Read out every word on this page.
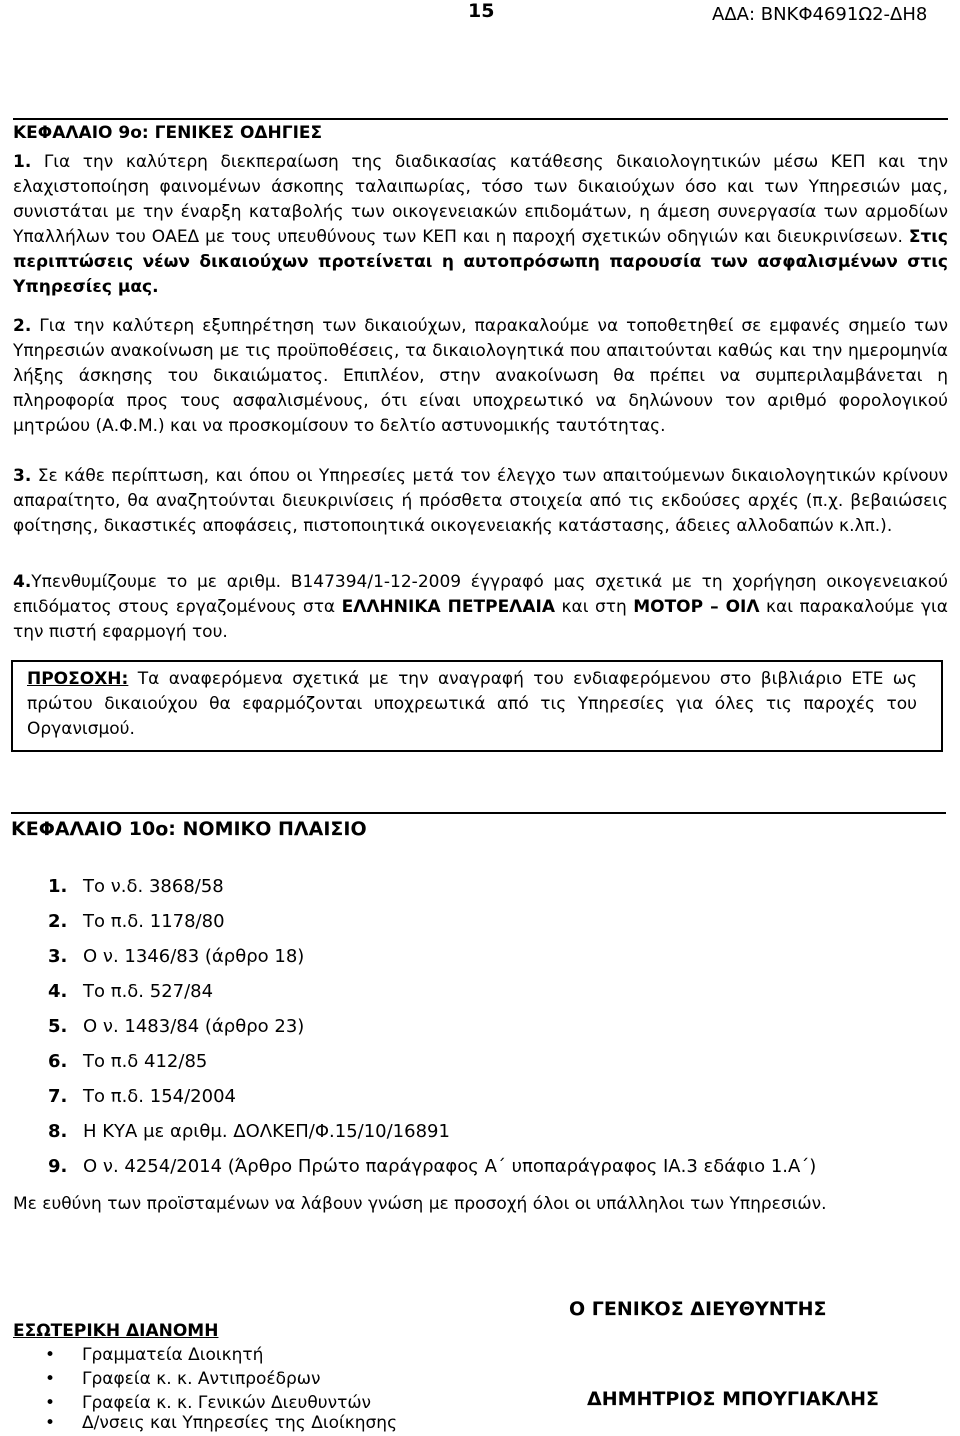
15	ΑΔΑ: ΒΝΚΦ4691Ω2-ΔΗ8
ΚΕΦΑΛΑΙΟ 9ο: ΓΕΝΙΚΕΣ ΟΔΗΓΙΕΣ
1. Για την καλύτερη διεκπεραίωση της διαδικασίας κατάθεσης δικαιολογητικών μέσω ΚΕΠ και την ελαχιστοποίηση φαινομένων άσκοπης ταλαιπωρίας, τόσο των δικαιούχων όσο και των Υπηρεσιών μας, συνιστάται με την έναρξη καταβολής των οικογενειακών επιδομάτων, η άμεση συνεργασία των αρμοδίων Υπαλλήλων του ΟΑΕΔ με τους υπευθύνους των ΚΕΠ και η παροχή σχετικών οδηγιών και διευκρινίσεων. Στις περιπτώσεις νέων δικαιούχων προτείνεται η αυτοπρόσωπη παρουσία των ασφαλισμένων στις Υπηρεσίες μας.
2. Για την καλύτερη εξυπηρέτηση των δικαιούχων, παρακαλούμε να τοποθετηθεί σε εμφανές σημείο των Υπηρεσιών ανακοίνωση με τις προϋποθέσεις, τα δικαιολογητικά που απαιτούνται καθώς και την ημερομηνία λήξης άσκησης του δικαιώματος. Επιπλέον, στην ανακοίνωση θα πρέπει να συμπεριλαμβάνεται η πληροφορία προς τους ασφαλισμένους, ότι είναι υποχρεωτικό να δηλώνουν τον αριθμό φορολογικού μητρώου (Α.Φ.Μ.) και να προσκομίσουν το δελτίο αστυνομικής ταυτότητας.
3. Σε κάθε περίπτωση, και όπου οι Υπηρεσίες μετά τον έλεγχο των απαιτούμενων δικαιολογητικών κρίνουν απαραίτητο, θα αναζητούνται διευκρινίσεις ή πρόσθετα στοιχεία από τις εκδούσες αρχές (π.χ. βεβαιώσεις φοίτησης, δικαστικές αποφάσεις, πιστοποιητικά οικογενειακής κατάστασης, άδειες αλλοδαπών κ.λπ.).
4.Υπενθυμίζουμε το με αριθμ. Β147394/1-12-2009 έγγραφό μας σχετικά με τη χορήγηση οικογενειακού επιδόματος στους εργαζομένους στα ΕΛΛΗΝΙΚΑ ΠΕΤΡΕΛΑΙΑ και στη ΜΟΤΟΡ – ΟΙΛ και παρακαλούμε για την πιστή εφαρμογή του.
ΠΡΟΣΟΧΗ: Τα αναφερόμενα σχετικά με την αναγραφή του ενδιαφερόμενου στο βιβλιάριο ΕΤΕ ως πρώτου δικαιούχου θα εφαρμόζονται υποχρεωτικά από τις Υπηρεσίες για όλες τις παροχές του Οργανισμού.
ΚΕΦΑΛΑΙΟ 10ο: ΝΟΜΙΚΟ ΠΛΑΙΣΙΟ
1. Το ν.δ. 3868/58
2. Το π.δ. 1178/80
3. Ο ν. 1346/83 (άρθρο 18)
4. Το π.δ. 527/84
5. Ο ν. 1483/84 (άρθρο 23)
6. Το π.δ 412/85
7. Το π.δ. 154/2004
8. Η ΚΥΑ με αριθμ. ΔΟΛΚΕΠ/Φ.15/10/16891
9. Ο ν. 4254/2014 (Άρθρο Πρώτο παράγραφος Α΄ υποπαράγραφος ΙΑ.3 εδάφιο 1.Α΄)
Με ευθύνη των προϊσταμένων να λάβουν γνώση με προσοχή όλοι οι υπάλληλοι των Υπηρεσιών.
Ο ΓΕΝΙΚΟΣ ΔΙΕΥΘΥΝΤΗΣ
ΕΣΩΤΕΡΙΚΗ ΔΙΑΝΟΜΗ
• Γραμματεία Διοικητή
• Γραφεία κ. κ. Αντιπροέδρων
• Γραφεία κ. κ. Γενικών Διευθυντών
• Δ/νσεις και Υπηρεσίες της Διοίκησης
ΔΗΜΗΤΡΙΟΣ ΜΠΟΥΓΙΑΚΛΗΣ
